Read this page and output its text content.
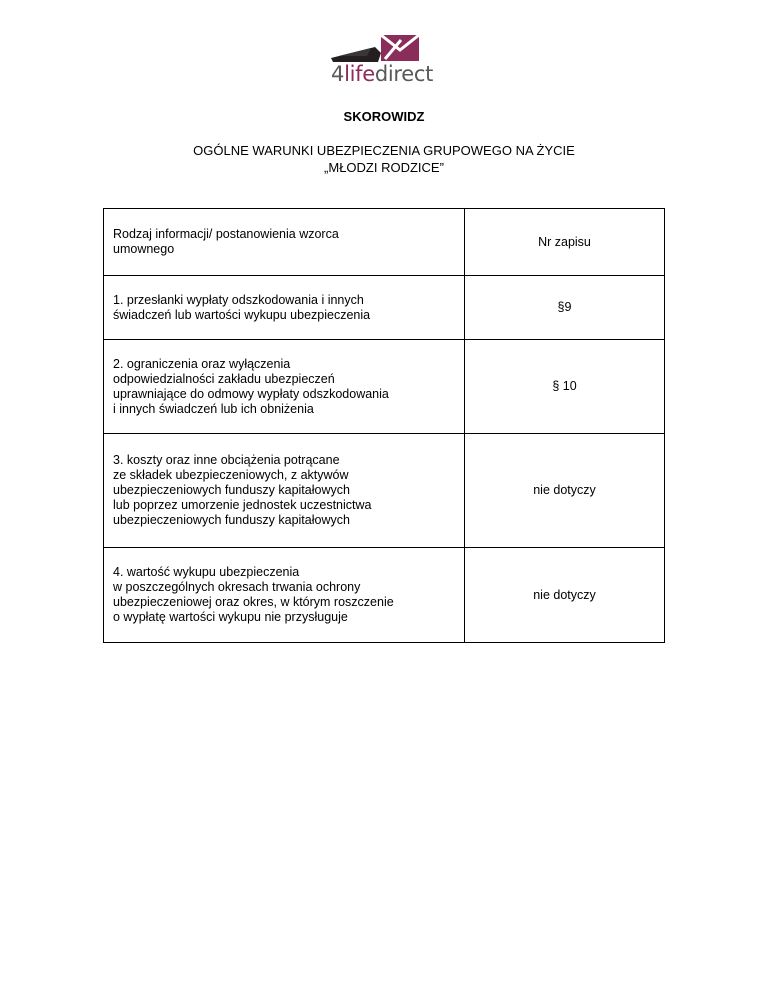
4lifedirect
SKOROWIDZ
OGÓLNE WARUNKI UBEZPIECZENIA GRUPOWEGO NA ŻYCIE
„MŁODZI RODZICE”
Rodzaj informacji/ postanowienia wzorca
umownego	Nr zapisu

1. przesłanki wypłaty odszkodowania i innych
świadczeń lub wartości wykupu ubezpieczenia	§9

2. ograniczenia oraz wyłączenia
odpowiedzialności zakładu ubezpieczeń
uprawniające do odmowy wypłaty odszkodowania
i innych świadczeń lub ich obniżenia	§ 10

3. koszty oraz inne obciążenia potrącane
ze składek ubezpieczeniowych, z aktywów
ubezpieczeniowych funduszy kapitałowych
lub poprzez umorzenie jednostek uczestnictwa
ubezpieczeniowych funduszy kapitałowych	nie dotyczy

4. wartość wykupu ubezpieczenia
w poszczególnych okresach trwania ochrony
ubezpieczeniowej oraz okres, w którym roszczenie
o wypłatę wartości wykupu nie przysługuje	nie dotyczy
